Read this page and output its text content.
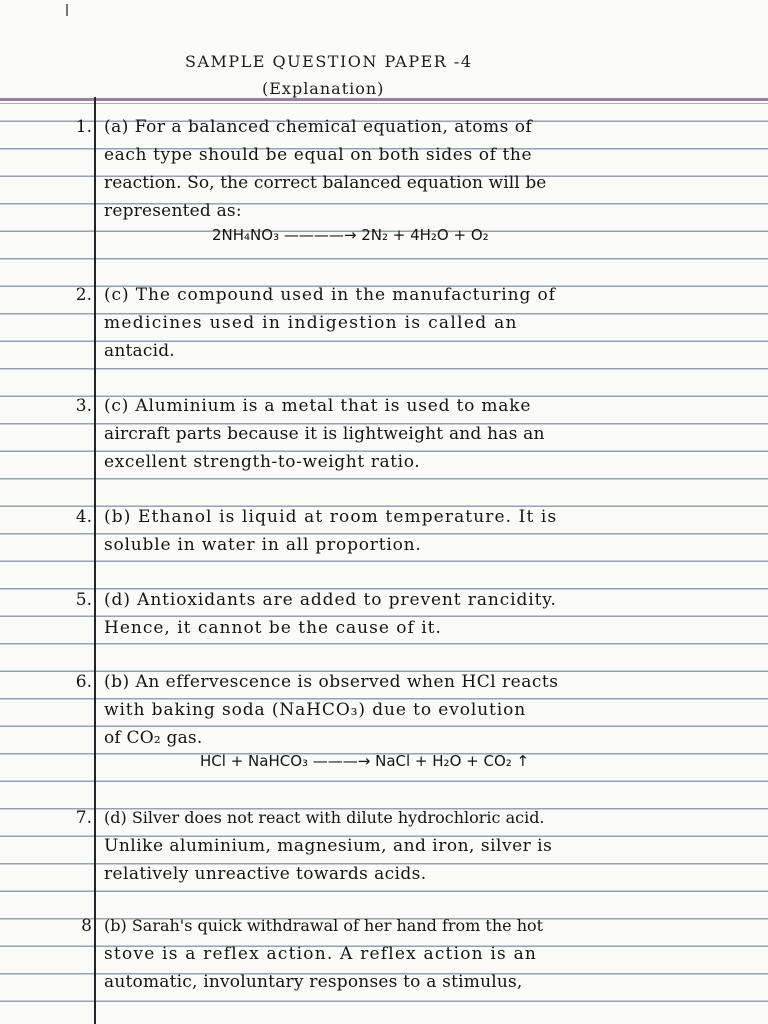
SAMPLE QUESTION PAPER -4
(Explanation)
1. (a) For a balanced chemical equation, atoms of
each type should be equal on both sides of the
reaction. So, the correct balanced equation will be
represented as:
2NH₄NO₃ ————→ 2N₂ + 4H₂O + O₂
2. (c) The compound used in the manufacturing of
medicines used in indigestion is called an
antacid.
3. (c) Aluminium is a metal that is used to make
aircraft parts because it is lightweight and has an
excellent strength-to-weight ratio.
4. (b) Ethanol is liquid at room temperature. It is
soluble in water in all proportion.
5. (d) Antioxidants are added to prevent rancidity.
Hence, it cannot be the cause of it.
6. (b) An effervescence is observed when HCl reacts
with baking soda (NaHCO₃) due to evolution
of CO₂ gas.
HCl + NaHCO₃ ———→ NaCl + H₂O + CO₂ ↑
7. (d) Silver does not react with dilute hydrochloric acid.
Unlike aluminium, magnesium, and iron, silver is
relatively unreactive towards acids.
8 (b) Sarah's quick withdrawal of her hand from the hot
stove is a reflex action. A reflex action is an
automatic, involuntary responses to a stimulus,
